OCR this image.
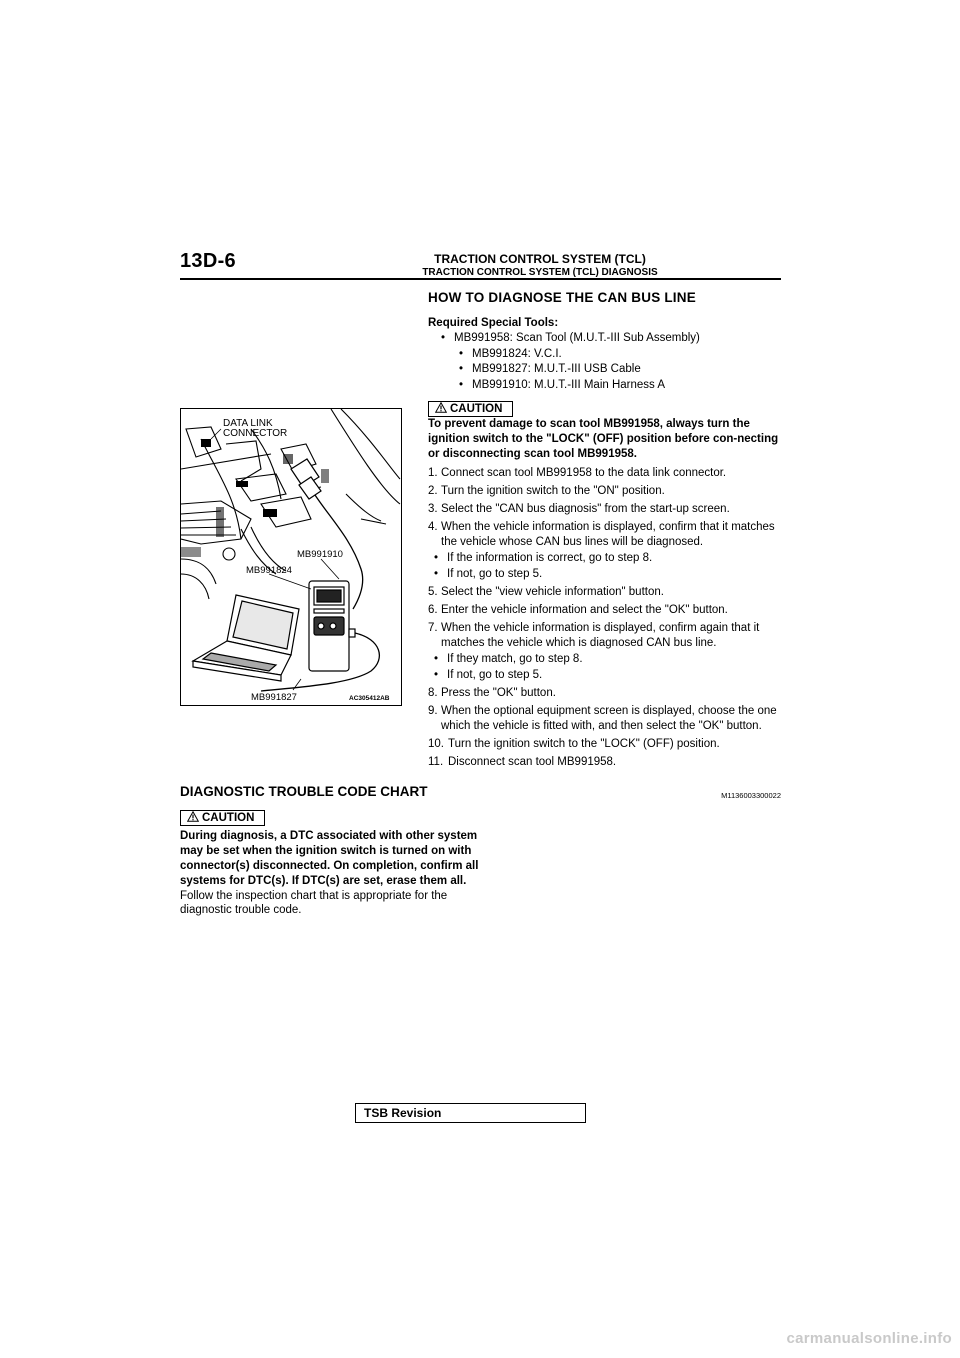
13D-6	TRACTION CONTROL SYSTEM (TCL)
TRACTION CONTROL SYSTEM (TCL) DIAGNOSIS
DATA LINK
CONNECTOR
MB991910
MB991824
MB991827	AC305412AB
HOW TO DIAGNOSE THE CAN BUS LINE
Required Special Tools:
• MB991958: Scan Tool (M.U.T.-III Sub Assembly)
• MB991824: V.C.I.
• MB991827: M.U.T.-III USB Cable
• MB991910: M.U.T.-III Main Harness A
CAUTION
To prevent damage to scan tool MB991958, always turn the ignition switch to the "LOCK" (OFF) position before con-necting or disconnecting scan tool MB991958.
1. Connect scan tool MB991958 to the data link connector.
2. Turn the ignition switch to the "ON" position.
3. Select the "CAN bus diagnosis" from the start-up screen.
4. When the vehicle information is displayed, confirm that it matches the vehicle whose CAN bus lines will be diagnosed.
• If the information is correct, go to step 8.
• If not, go to step 5.
5. Select the "view vehicle information" button.
6. Enter the vehicle information and select the "OK" button.
7. When the vehicle information is displayed, confirm again that it matches the vehicle which is diagnosed CAN bus line.
• If they match, go to step 8.
• If not, go to step 5.
8. Press the "OK" button.
9. When the optional equipment screen is displayed, choose the one which the vehicle is fitted with, and then select the "OK" button.
10. Turn the ignition switch to the "LOCK" (OFF) position.
11. Disconnect scan tool MB991958.
DIAGNOSTIC TROUBLE CODE CHART	M1136003300022
CAUTION
During diagnosis, a DTC associated with other system may be set when the ignition switch is turned on with connector(s) disconnected. On completion, confirm all systems for DTC(s). If DTC(s) are set, erase them all.
Follow the inspection chart that is appropriate for the diagnostic trouble code.
TSB Revision
carmanualsonline.info
